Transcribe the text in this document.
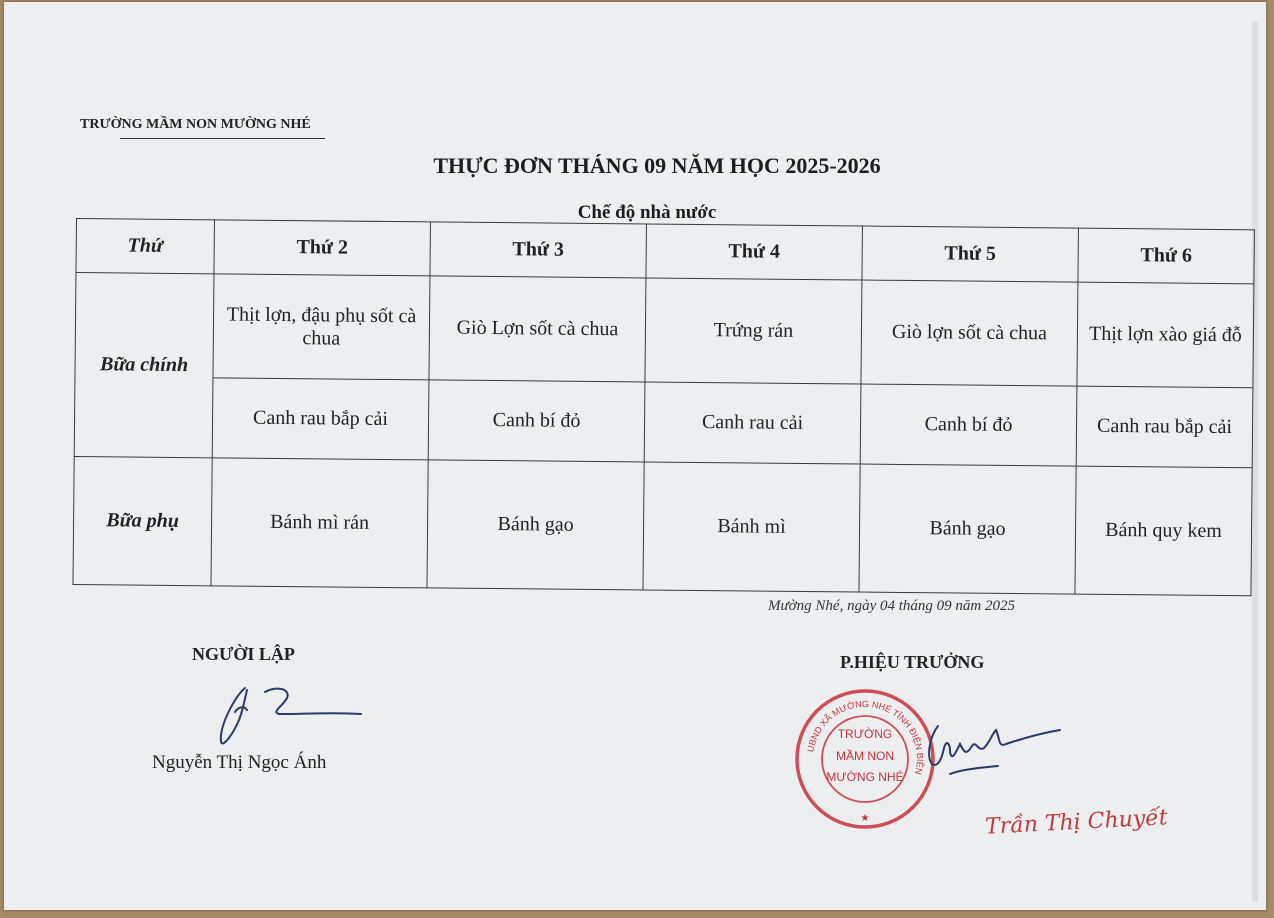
TRƯỜNG MẦM NON MƯỜNG NHÉ
THỰC ĐƠN THÁNG 09 NĂM HỌC 2025-2026
Chế độ nhà nước
Thứ	Thứ 2	Thứ 3	Thứ 4	Thứ 5	Thứ 6
Bữa chính	Thịt lợn, đậu phụ sốt cà chua	Giò Lợn sốt cà chua	Trứng rán	Giò lợn sốt cà chua	Thịt lợn xào giá đỗ
	Canh rau bắp cải	Canh bí đỏ	Canh rau cải	Canh bí đỏ	Canh rau bắp cải
Bữa phụ	Bánh mì rán	Bánh gạo	Bánh mì	Bánh gạo	Bánh quy kem
Mường Nhé, ngày 04 tháng 09 năm 2025
NGƯỜI LẬP	P.HIỆU TRƯỞNG
Nguyễn Thị Ngọc Ánh
UBND XÃ MƯỜNG NHÉ TỈNH ĐIỆN BIÊN
TRƯỜNG
MẦM NON
MƯỜNG NHÉ
★	Trần Thị Chuyết
